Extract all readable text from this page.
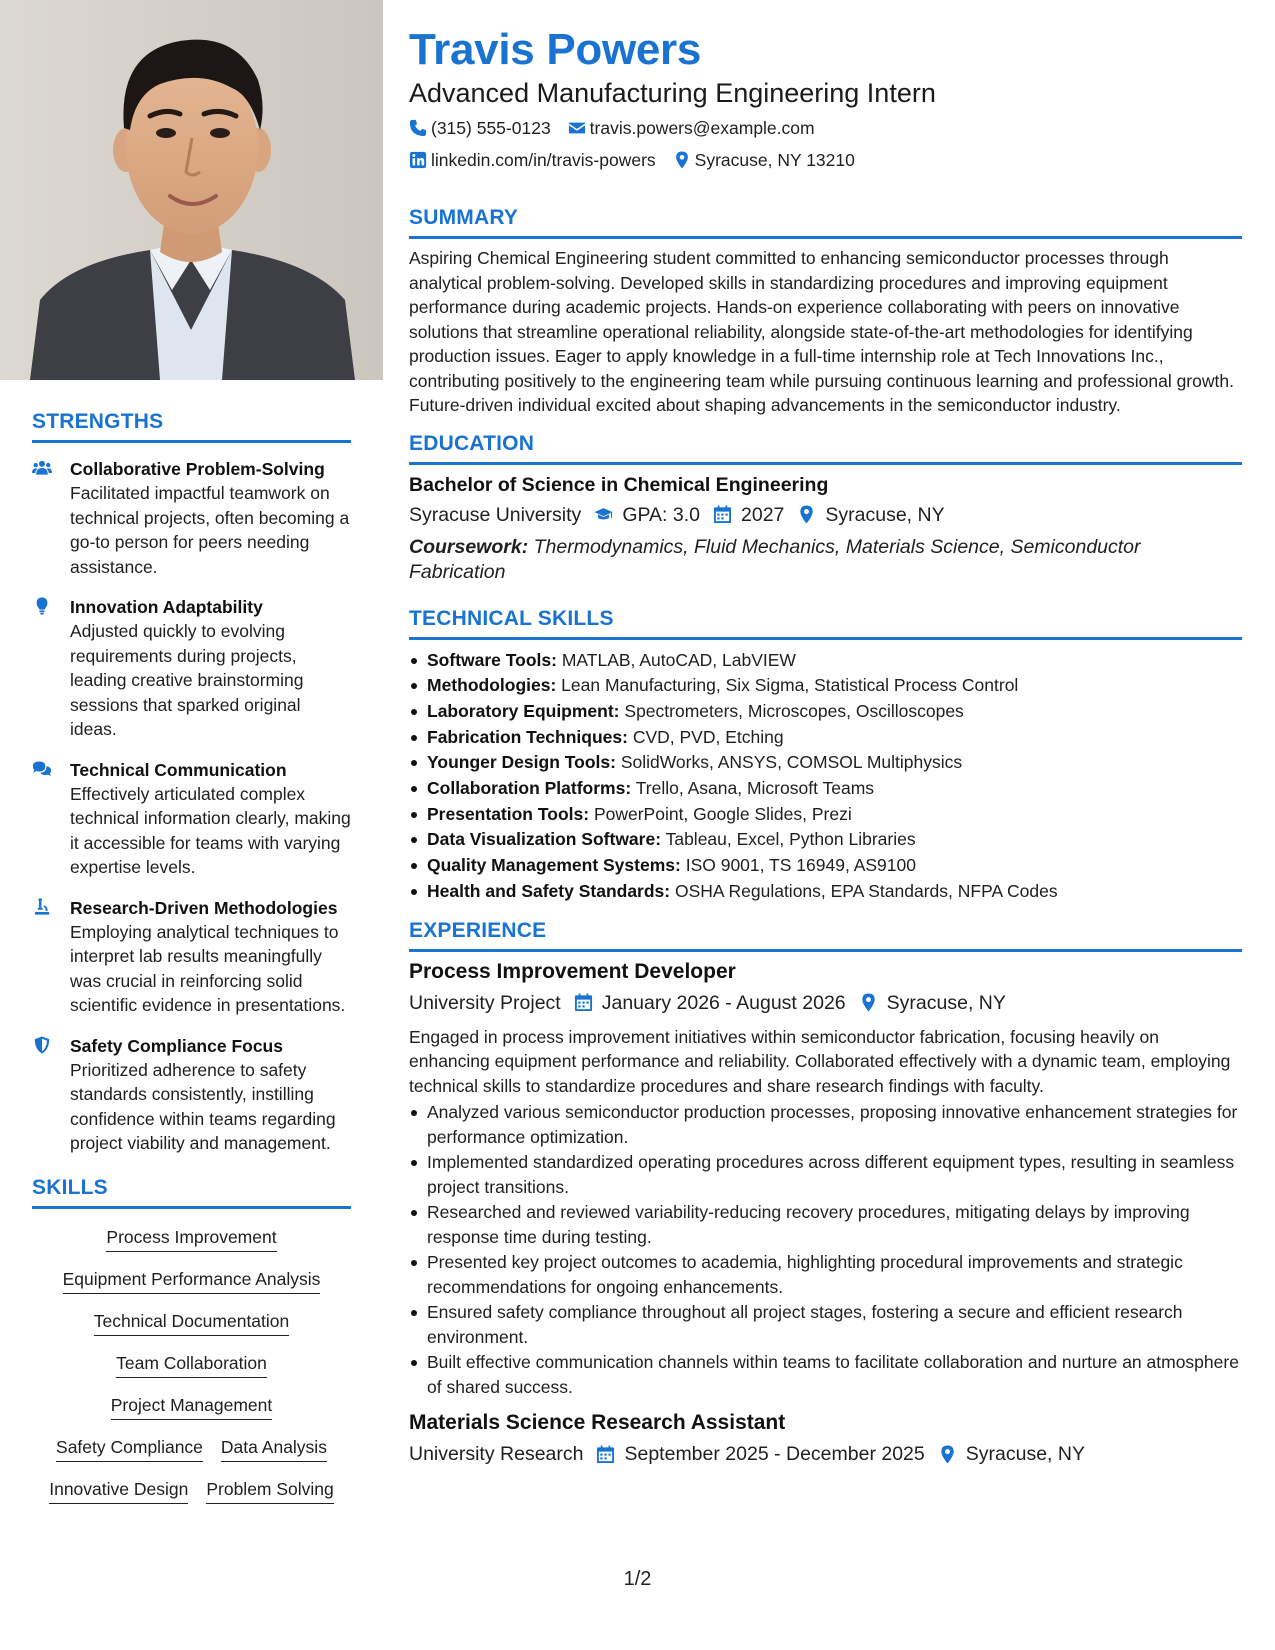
STRENGTHS
Collaborative Problem-Solving
Facilitated impactful teamwork on technical projects, often becoming a go-to person for peers needing assistance.
Innovation Adaptability
Adjusted quickly to evolving requirements during projects, leading creative brainstorming sessions that sparked original ideas.
Technical Communication
Effectively articulated complex technical information clearly, making it accessible for teams with varying expertise levels.
Research-Driven Methodologies
Employing analytical techniques to interpret lab results meaningfully was crucial in reinforcing solid scientific evidence in presentations.
Safety Compliance Focus
Prioritized adherence to safety standards consistently, instilling confidence within teams regarding project viability and management.
SKILLS
Process Improvement
Equipment Performance Analysis
Technical Documentation
Team Collaboration
Project Management
Safety Compliance Data Analysis
Innovative Design Problem Solving
Travis Powers
Advanced Manufacturing Engineering Intern
(315) 555-0123 travis.powers@example.com
linkedin.com/in/travis-powers Syracuse, NY 13210
SUMMARY
Aspiring Chemical Engineering student committed to enhancing semiconductor processes through analytical problem-solving. Developed skills in standardizing procedures and improving equipment performance during academic projects. Hands-on experience collaborating with peers on innovative solutions that streamline operational reliability, alongside state-of-the-art methodologies for identifying production issues. Eager to apply knowledge in a full-time internship role at Tech Innovations Inc., contributing positively to the engineering team while pursuing continuous learning and professional growth. Future-driven individual excited about shaping advancements in the semiconductor industry.
EDUCATION
Bachelor of Science in Chemical Engineering
Syracuse University GPA: 3.0 2027 Syracuse, NY
Coursework: Thermodynamics, Fluid Mechanics, Materials Science, Semiconductor Fabrication
TECHNICAL SKILLS
Software Tools: MATLAB, AutoCAD, LabVIEW
Methodologies: Lean Manufacturing, Six Sigma, Statistical Process Control
Laboratory Equipment: Spectrometers, Microscopes, Oscilloscopes
Fabrication Techniques: CVD, PVD, Etching
Younger Design Tools: SolidWorks, ANSYS, COMSOL Multiphysics
Collaboration Platforms: Trello, Asana, Microsoft Teams
Presentation Tools: PowerPoint, Google Slides, Prezi
Data Visualization Software: Tableau, Excel, Python Libraries
Quality Management Systems: ISO 9001, TS 16949, AS9100
Health and Safety Standards: OSHA Regulations, EPA Standards, NFPA Codes
EXPERIENCE
Process Improvement Developer
University Project January 2026 - August 2026 Syracuse, NY
Engaged in process improvement initiatives within semiconductor fabrication, focusing heavily on enhancing equipment performance and reliability. Collaborated effectively with a dynamic team, employing technical skills to standardize procedures and share research findings with faculty.
Analyzed various semiconductor production processes, proposing innovative enhancement strategies for performance optimization.
Implemented standardized operating procedures across different equipment types, resulting in seamless project transitions.
Researched and reviewed variability-reducing recovery procedures, mitigating delays by improving response time during testing.
Presented key project outcomes to academia, highlighting procedural improvements and strategic recommendations for ongoing enhancements.
Ensured safety compliance throughout all project stages, fostering a secure and efficient research environment.
Built effective communication channels within teams to facilitate collaboration and nurture an atmosphere of shared success.
Materials Science Research Assistant
University Research September 2025 - December 2025 Syracuse, NY
1/2
